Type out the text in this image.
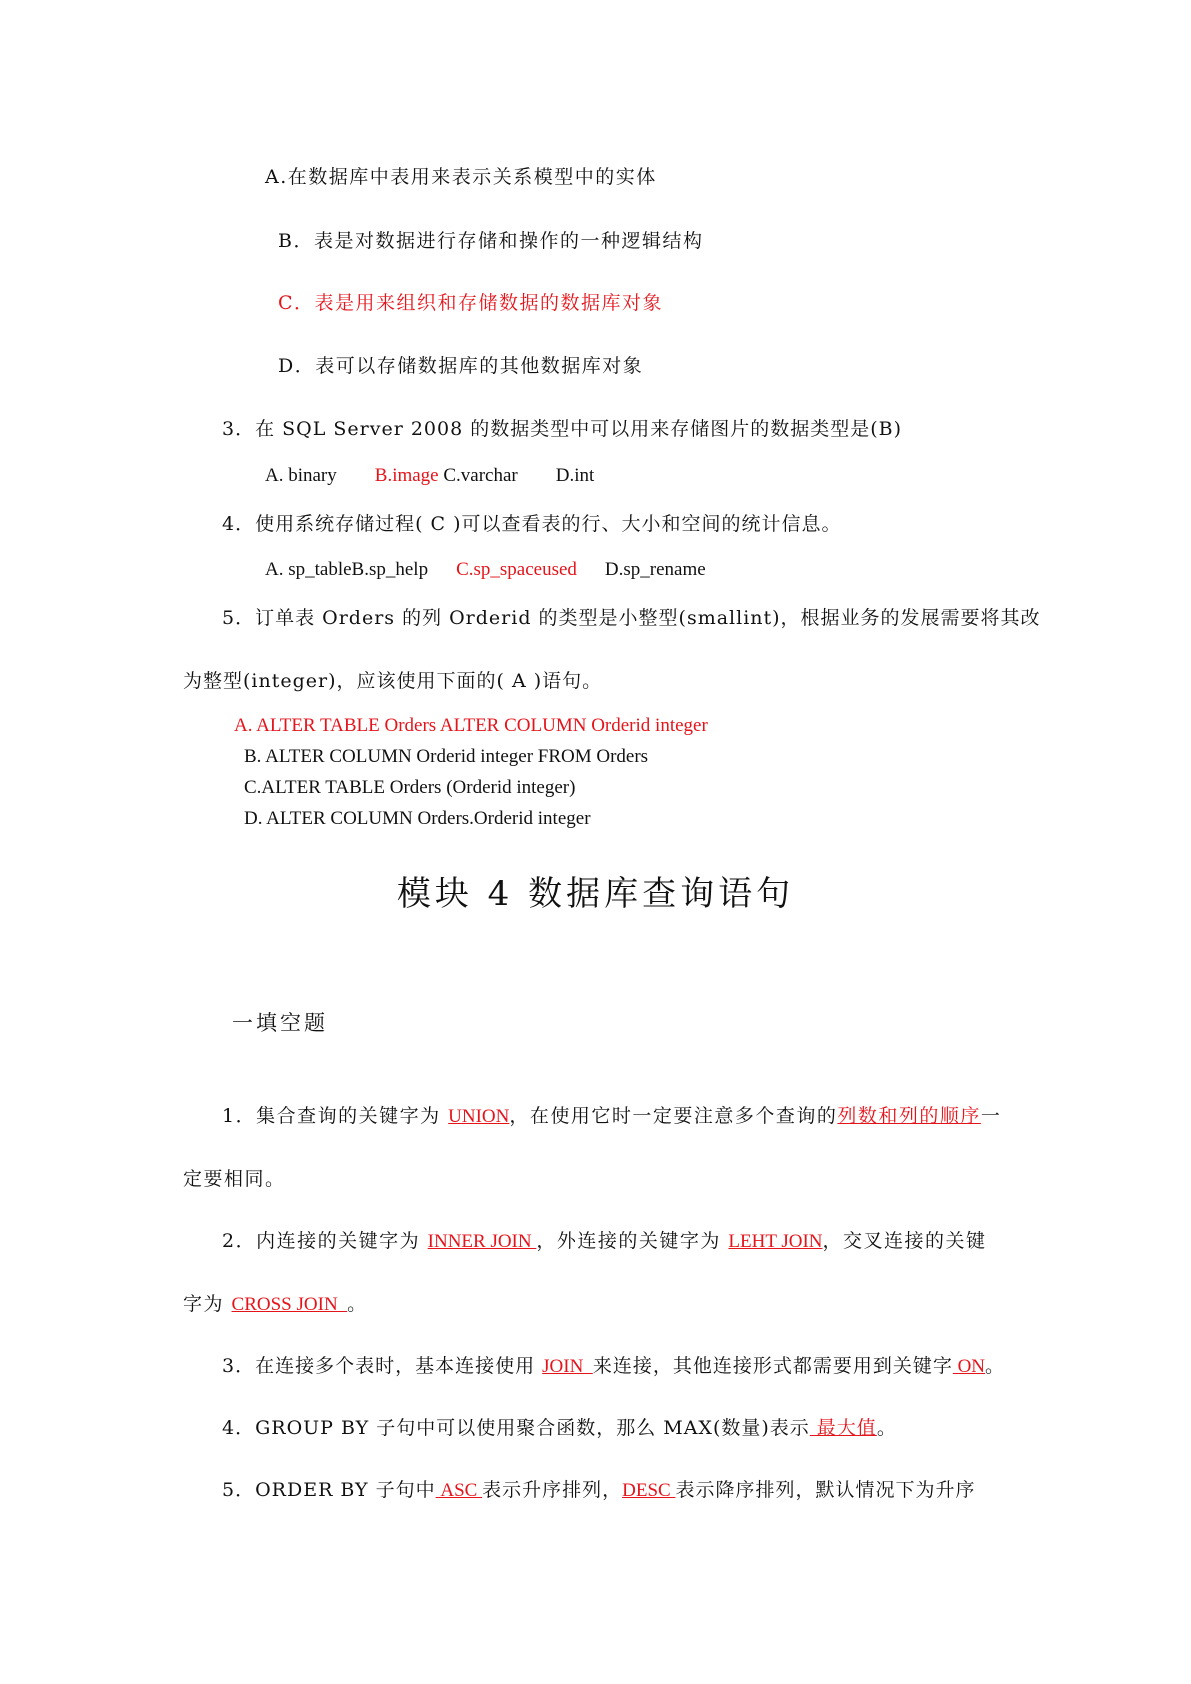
A.在数据库中表用来表示关系模型中的实体
B．表是对数据进行存储和操作的一种逻辑结构
C．表是用来组织和存储数据的数据库对象
D．表可以存储数据库的其他数据库对象
3．在 SQL Server 2008 的数据类型中可以用来存储图片的数据类型是(B)
A. binary B.image C.varchar D.int
4．使用系统存储过程( C )可以查看表的行、大小和空间的统计信息。
A. sp_tableB.sp_help C.sp_spaceused D.sp_rename
5．订单表 Orders 的列 Orderid 的类型是小整型(smallint)，根据业务的发展需要将其改
为整型(integer)，应该使用下面的( A )语句。
A. ALTER TABLE Orders ALTER COLUMN Orderid integer
B. ALTER COLUMN Orderid integer FROM Orders
C.ALTER TABLE Orders (Orderid integer)
D. ALTER COLUMN Orders.Orderid integer
模块 4 数据库查询语句
一填空题
1．集合查询的关键字为 UNION，在使用它时一定要注意多个查询的列数和列的顺序一
定要相同。
2．内连接的关键字为 INNER JOIN ，外连接的关键字为 LEHT JOIN，交叉连接的关键
字为 CROSS JOIN  。
3．在连接多个表时，基本连接使用 JOIN  来连接，其他连接形式都需要用到关键字 ON。
4．GROUP BY 子句中可以使用聚合函数，那么 MAX(数量)表示 最大值。
5．ORDER BY 子句中 ASC 表示升序排列，DESC 表示降序排列，默认情况下为升序
